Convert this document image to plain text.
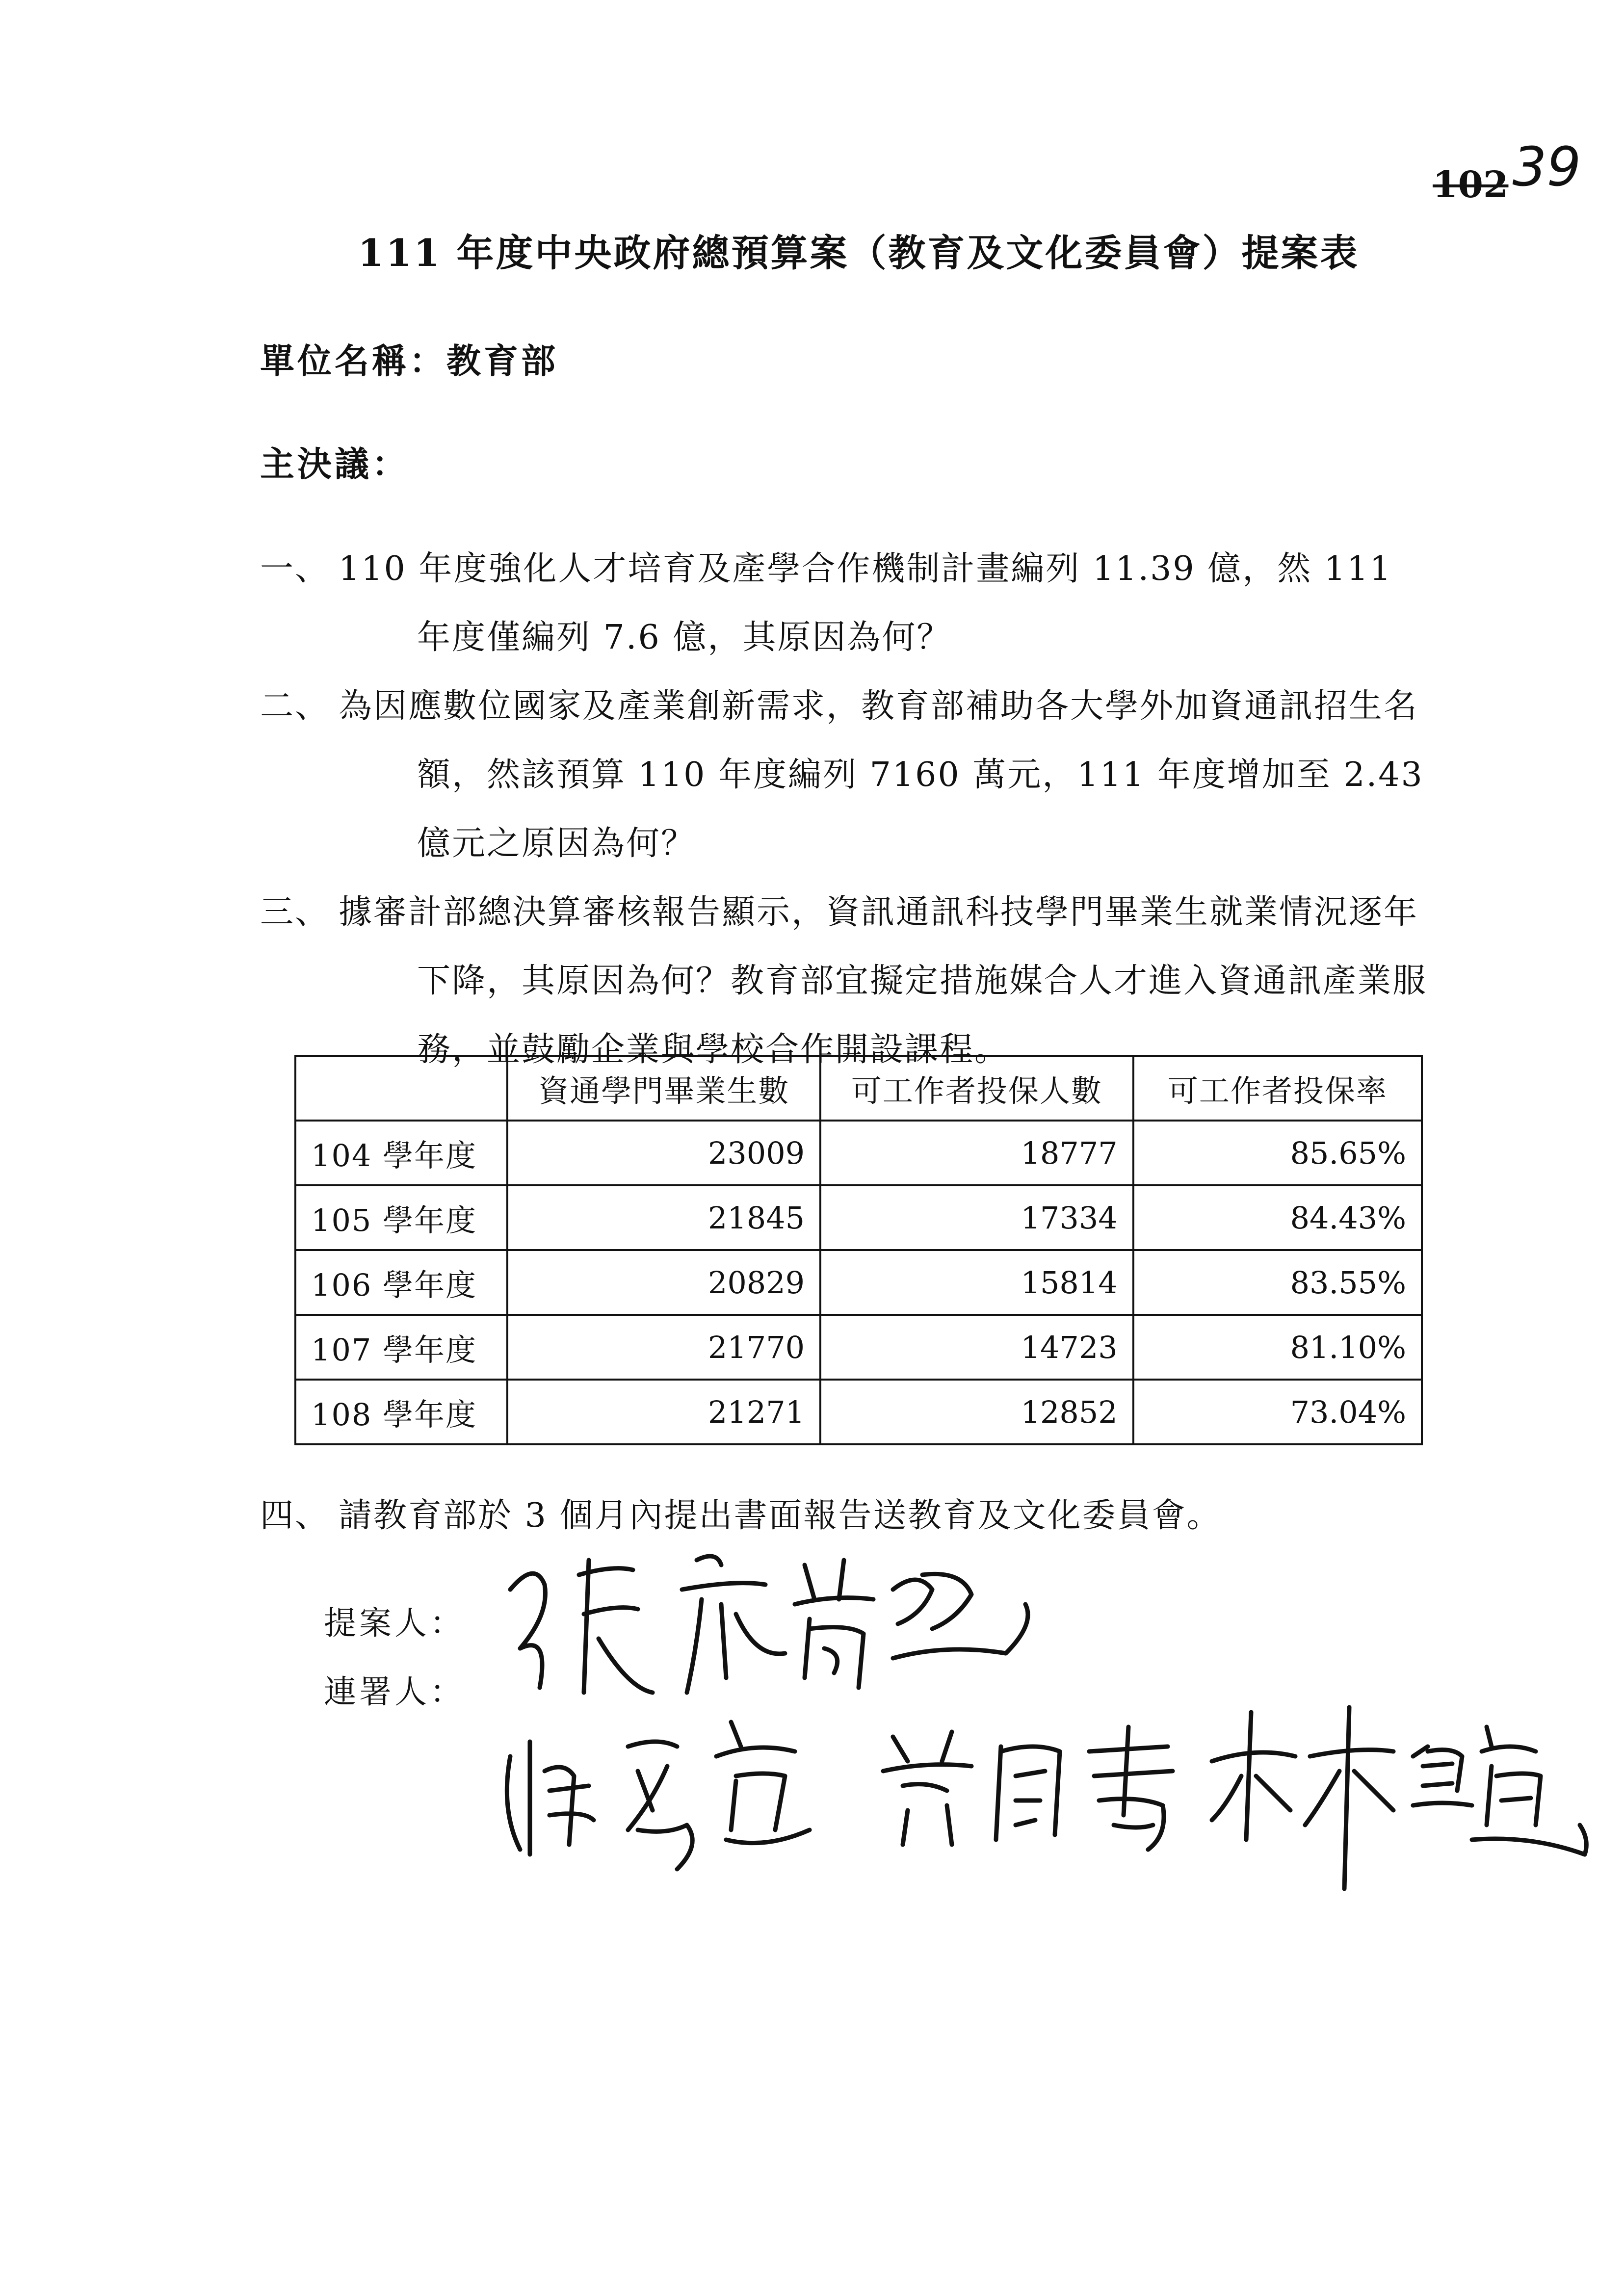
10239
111 年度中央政府總預算案（教育及文化委員會）提案表
單位名稱：教育部
主決議：
一、 110 年度強化人才培育及產學合作機制計畫編列 11.39 億，然 111 年度僅編列 7.6 億，其原因為何？
二、 為因應數位國家及產業創新需求，教育部補助各大學外加資通訊招生名額，然該預算 110 年度編列 7160 萬元，111 年度增加至 2.43 億元之原因為何？
三、 據審計部總決算審核報告顯示，資訊通訊科技學門畢業生就業情況逐年下降，其原因為何？教育部宜擬定措施媒合人才進入資通訊產業服務，並鼓勵企業與學校合作開設課程。
	資通學門畢業生數	可工作者投保人數	可工作者投保率
104 學年度	23009	18777	85.65%
105 學年度	21845	17334	84.43%
106 學年度	20829	15814	83.55%
107 學年度	21770	14723	81.10%
108 學年度	21271	12852	73.04%
四、 請教育部於 3 個月內提出書面報告送教育及文化委員會。
提案人：
連署人：
